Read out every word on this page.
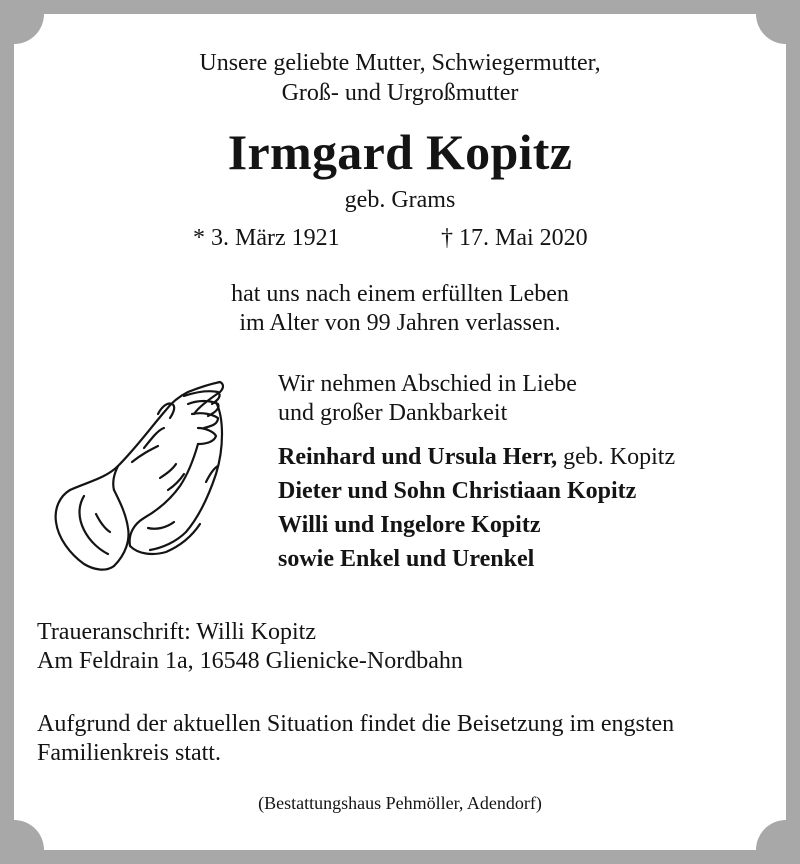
Unsere geliebte Mutter, Schwiegermutter,
Groß- und Urgroßmutter
Irmgard Kopitz
geb. Grams
* 3. März 1921	† 17. Mai 2020
hat uns nach einem erfüllten Leben
im Alter von 99 Jahren verlassen.
Wir nehmen Abschied in Liebe
und großer Dankbarkeit
Reinhard und Ursula Herr, geb. Kopitz
Dieter und Sohn Christiaan Kopitz
Willi und Ingelore Kopitz
sowie Enkel und Urenkel
Traueranschrift: Willi Kopitz
Am Feldrain 1a, 16548 Glienicke-Nordbahn
Aufgrund der aktuellen Situation findet die Beisetzung im engsten
Familienkreis statt.
(Bestattungshaus Pehmöller, Adendorf)
